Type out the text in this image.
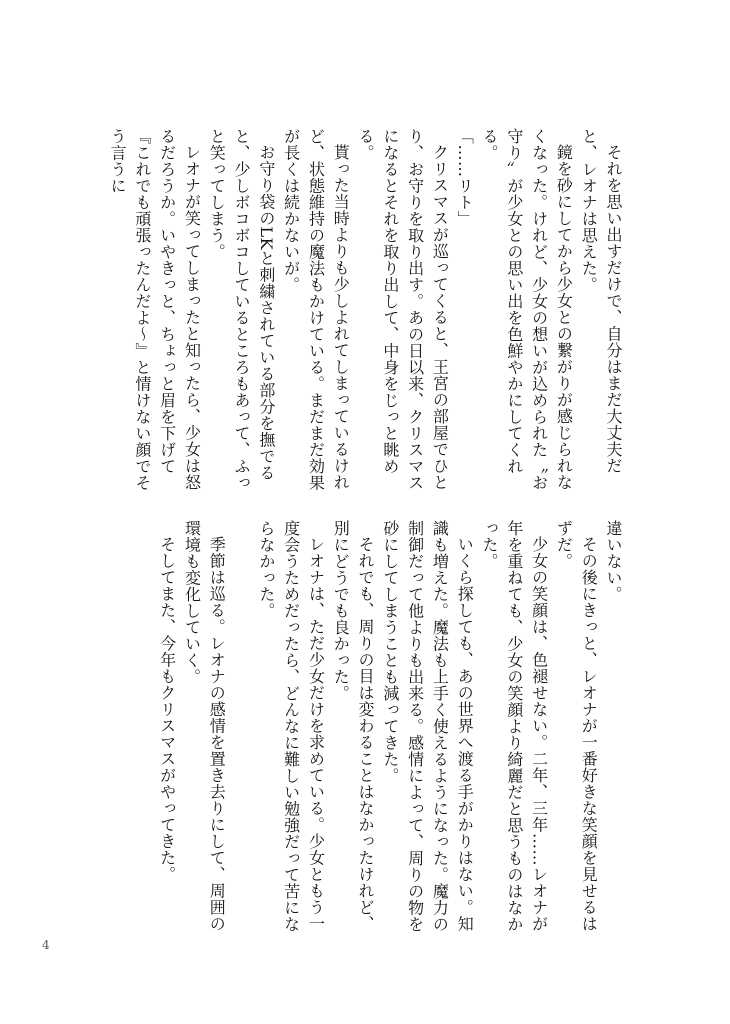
それを思い出すだけで、自分はまだ大丈夫だと、レオナは思えた。

鏡を砂にしてから少女との繋がりが感じられなくなった。けれど、少女の想いが込められた〝お守り〟が少女との思い出を色鮮やかにしてくれる。

「……リト」

クリスマスが巡ってくると、王宮の部屋でひとり、お守りを取り出す。あの日以来、クリスマスになるとそれを取り出して、中身をじっと眺める。

貰った当時よりも少しよれてしまっているけれど、状態維持の魔法もかけている。まだまだ効果が長くは続かないが。

お守り袋のLKと刺繍されている部分を撫でると、少しボコボコしているところもあって、ふっと笑ってしまう。

レオナが笑ってしまったと知ったら、少女は怒るだろうか。いやきっと、ちょっと眉を下げて『これでも頑張ったんだよ～』と情けない顔でそう言うに

違いない。

その後にきっと、レオナが一番好きな笑顔を見せるはずだ。

少女の笑顔は、色褪せない。二年、三年……レオナが年を重ねても、少女の笑顔より綺麗だと思うものはなかった。

いくら探しても、あの世界へ渡る手がかりはない。知識も増えた。魔法も上手く使えるようになった。魔力の制御だって他よりも出来る。感情によって、周りの物を砂にしてしまうことも減ってきた。

それでも、周りの目は変わることはなかったけれど、別にどうでも良かった。

レオナは、ただ少女だけを求めている。少女ともう一度会うためだったら、どんなに難しい勉強だって苦にならなかった。

季節は巡る。レオナの感情を置き去りにして、周囲の環境も変化していく。

そしてまた、今年もクリスマスがやってきた。

4
